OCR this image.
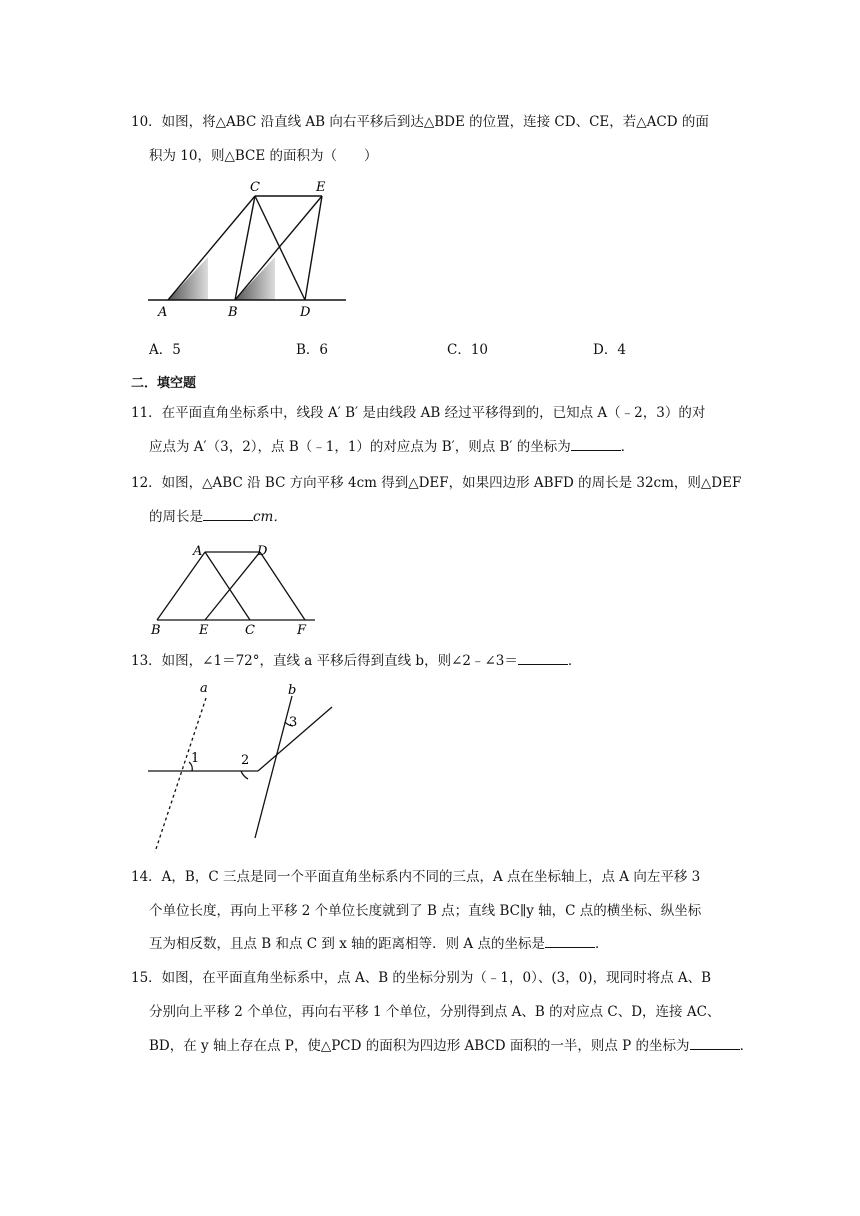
10．如图，将△ABC 沿直线 AB 向右平移后到达△BDE 的位置，连接 CD、CE，若△ACD 的面
积为 10，则△BCE 的面积为（　　）
C	E
A	B	D
A．5	B．6	C．10	D．4
二．填空题
11．在平面直角坐标系中，线段 A′ B′ 是由线段 AB 经过平移得到的，已知点 A（﹣2，3）的对
应点为 A′（3，2），点 B（﹣1，1）的对应点为 B′，则点 B′ 的坐标为	．
12．如图，△ABC 沿 BC 方向平移 4cm 得到△DEF，如果四边形 ABFD 的周长是 32cm，则△DEF
的周长是	cm．
A	D
B	E	C	F
13．如图，∠1＝72°，直线 a 平移后得到直线 b，则∠2﹣∠3＝	．
a	b
1	2
3
14．A，B，C 三点是同一个平面直角坐标系内不同的三点，A 点在坐标轴上，点 A 向左平移 3
个单位长度，再向上平移 2 个单位长度就到了 B 点；直线 BC∥y 轴，C 点的横坐标、纵坐标
互为相反数，且点 B 和点 C 到 x 轴的距离相等．则 A 点的坐标是	．
15．如图，在平面直角坐标系中，点 A、B 的坐标分别为（﹣1，0）、(3，0)，现同时将点 A、B
分别向上平移 2 个单位，再向右平移 1 个单位，分别得到点 A、B 的对应点 C、D，连接 AC、
BD，在 y 轴上存在点 P，使△PCD 的面积为四边形 ABCD 面积的一半，则点 P 的坐标为	．
